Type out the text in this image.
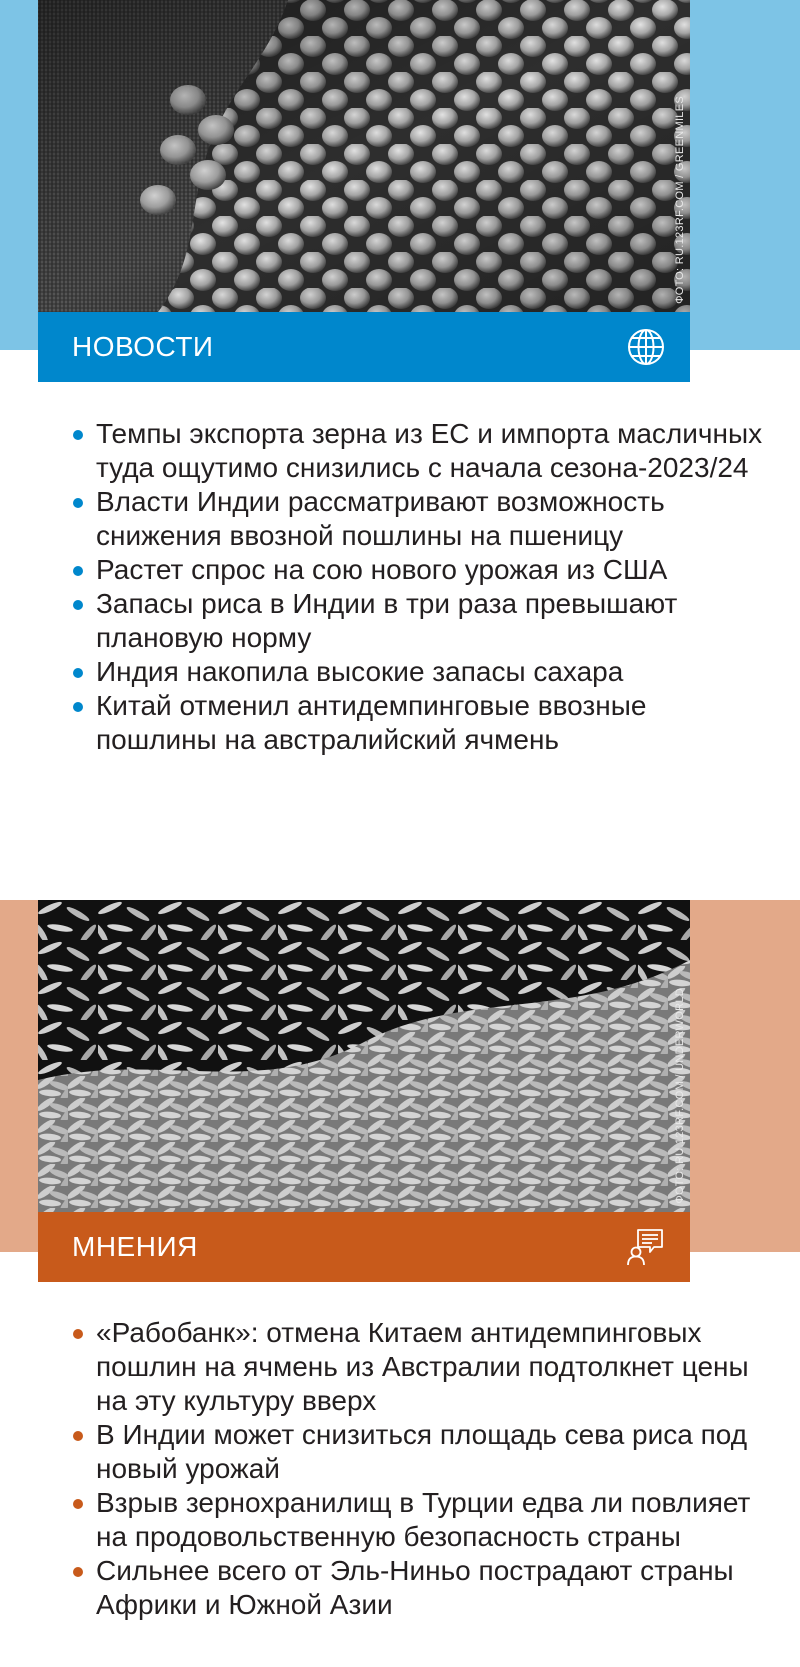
ФОТО: RU.123RF.COM / GREENMILES
НОВОСТИ
Темпы экспорта зерна из ЕС и импорта масличных туда ощутимо снизились с начала сезона-2023/24
Власти Индии рассматривают возможность снижения ввозной пошлины на пшеницу
Растет спрос на сою нового урожая из США
Запасы риса в Индии в три раза превышают плановую норму
Индия накопила высокие запасы сахара
Китай отменил антидемпинговые ввозные пошлины на австралийский ячмень
ФОТО: RU.123RF.COM / UNDERWORLD
МНЕНИЯ
«Рабобанк»: отмена Китаем антидемпинговых пошлин на ячмень из Австралии подтолкнет цены на эту культуру вверх
В Индии может снизиться площадь сева риса под новый урожай
Взрыв зернохранилищ в Турции едва ли повлияет на продовольственную безопасность страны
Сильнее всего от Эль-Ниньо пострадают страны Африки и Южной Азии
